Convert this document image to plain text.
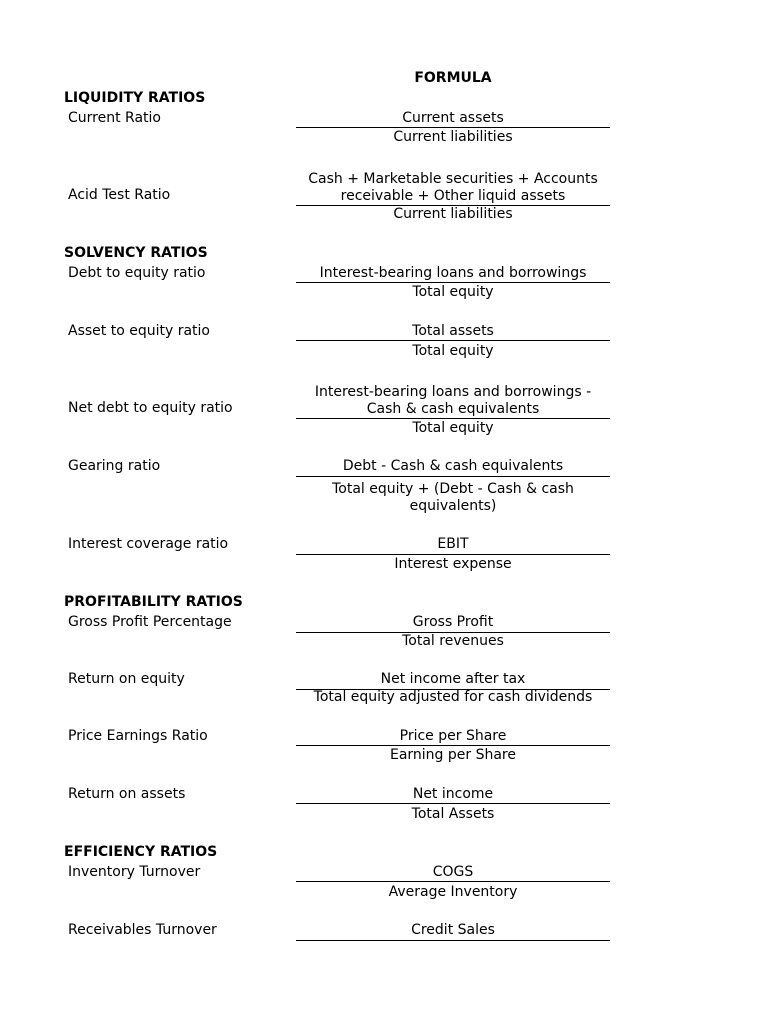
FORMULA
LIQUIDITY RATIOS
Current Ratio	Current assets
Current liabilities
Acid Test Ratio
Cash + Marketable securities + Accounts
receivable + Other liquid assets
Current liabilities
SOLVENCY RATIOS
Debt to equity ratio	Interest-bearing loans and borrowings
Total equity
Asset to equity ratio	Total assets
Total equity
Net debt to equity ratio
Interest-bearing loans and borrowings -
Cash & cash equivalents
Total equity
Gearing ratio	Debt - Cash & cash equivalents
Total equity + (Debt - Cash & cash
equivalents)
Interest coverage ratio	EBIT
Interest expense
PROFITABILITY RATIOS
Gross Profit Percentage	Gross Profit
Total revenues
Return on equity	Net income after tax
Total equity adjusted for cash dividends
Price Earnings Ratio	Price per Share
Earning per Share
Return on assets	Net income
Total Assets
EFFICIENCY RATIOS
Inventory Turnover	COGS
Average Inventory
Receivables Turnover	Credit Sales
